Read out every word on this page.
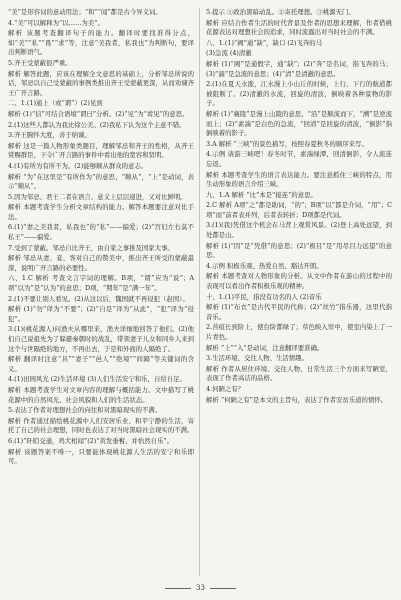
“美”是形容词的意动用法；“和”“闻”都是古今异义词。

4.“美”可以解释为“以……为美”。

解析 该题考查翻译句子的能力。翻译时要找准得分点，如“美”“私”“畏”“求”等，注意“美我者，私我也”为判断句，要译出判断语气。

5.齐王受蒙蔽很严重。

解析 解答此题，应该在理解全文意思的基础上，分析邹忌所说的话，邹忌以自己受蒙蔽的事例类推出齐王受蒙蔽更深，从而劝谏齐王广开言路。

二、1.(1)通上（或“谓”）(2)见到

解析 (1)“信”可结合语境“谓曰”分析。(2)“见”为“看见”的意思。

2.(1)这些人都认为我比徐公美。(2)我私下认为这个主意不错。

3.齐王胸怀大度，善于纳谏。

解析 这是一篇人物形象类题目，理解邹忌和齐王的性格，从齐王赏赐群臣、下令广开言路的事件中看出他的宽容和贤明。

4.(1)有所为有所不为。(2)能够顺从群众的意志。

解析 “为”在这里是“有所作为”的意思，“顺从”，“上”是动词，表示“顺从”。

5.因为邹忌、君王二者在语言、意义上层层递进，又对比鲜明。

解析 本题考查学生分析文章结构的能力。解答本题要注意对比手法。

6.(1)“妻之美我者，私我也”的“私”——偏爱；(2)“宫妇左右莫不私王”——偏爱。

7.受到了蒙蔽。邹忌自比齐王，由自家之事推及国家大事。

解析 邹忌从妻、妾、客对自己的赞美中，推出齐王所受的蒙蔽最深，说明广开言路的必要性。

六、1.C 解析 考查文言字词的理解。B项，“谓”应为“说”；A项“以为”是“认为”的意思；D项，“期年”是“满一年”。

2.(1)不要让别人看见。(2)从这以后，魏国就不再侵犯（赵国）。

解析 (1)“勿”译为“不要”；(2)“自是”译为“从此”，“犯”译为“侵犯”。

3.(1)(桃花源人)问渔夫从哪里来，渔夫详细地回答了他们。(2)他们自己说祖先为了躲避秦朝时的战乱，带领妻子儿女和同乡人来到这个与世隔绝的地方，不再出去，于是和外面的人隔绝了。

解析 翻译时注意“具”“妻子”“邑人”“绝境”“间隔”等关键词的含义。

4.(1)田园风光 (2)生活环境 (3)人们生活安宁和乐，自给自足。

解析 本题考查学生对文章内容的理解与概括能力。文中描写了桃花源中的自然风光、社会风貌和人们的生活状态。

5.表达了作者对理想社会的向往和对黑暗现实的不满。

解析 作者通过描绘桃花源中人们安居乐业、和平宁静的生活，寄托了自己的社会理想，同时也表达了对当时黑暗社会现实的不满。

6.(1)“阡陌交通，鸡犬相闻”(2)“黄发垂髫，并怡然自乐”。

解析 该题答案不唯一，只要能体现桃花源人生活的安宁和乐即可。

5.提示 ①政治黑暗动乱。②寄托理想。③桃源无门。

解析 应结合作者生活的时代背景及作者的思想来理解，作者借桃花源表达对理想社会的追求，同时流露出对当时社会的不满。

八、1.(1)“阙”通“缺”，缺口 (2)飞奔的马

(3)急流 (4)清澈

解析 (1)“阙”是通假字，通“缺”；(2)“奔”是名词，指飞奔的马；(3)“湍”是急流的意思；(4)“清”是清澈的意思。

2.(1)在夏天水涨，江水漫上小山丘的时候，上行、下行的航道都被阻断了。(2)清澈的水流，回旋的清波，倒映着各种景物的影子。

解析 (1)“襄陵”是漫上山陵的意思，“沿”是顺流而下，“溯”是逆流而上；(2)“素湍”是白色的急流，“回清”是回旋的清波，“倒影”指倒映着的影子。

3.A 解析 “三峡”的景色描写，按照春夏秋冬的顺序来写。

4.示例 请游三峡吧！春冬时节，素湍绿潭，回清倒影，令人流连忘返。

解析 本题考查学生的语言表达能力。要注意抓住三峡的特点，用生动形象的语言介绍三峡。

九、1.A 解析 “比”本是“接连”的意思。

2.C 解析 A项“之”都是助词，“的”；B项“以”都是介词，“用”；C项“而”前者表并列，后者表转折；D项都是代词。

3.(1)(我)凭借这个机会在马背上观赏风景。(2)登上高处远望，到处都是山。

解析 (1)“因”是“凭借”的意思；(2)“极目”是“用尽目力远望”的意思。

4.示例 积极乐观、热爱自然、豁达开朗。

解析 本题考查对人物形象的分析。从文中作者在游山的过程中的表现可以看出作者积极乐观的精神。

十、1.(1)平民，指没有功名的人 (2)音乐

解析 (1)“布衣”是古代平民的代称；(2)“丝竹”指乐器，这里代指音乐。

2.苔痕长到阶上，使台阶都绿了；草色映入帘中，使室内染上了一片青色。

解析 “上”“入”是动词，注意翻译要准确。

3.生活环境、交往人物、生活情趣。

解析 作者从居住环境、交往人物、日常生活三个方面来写陋室，表现了作者高洁的品格。

4.何陋之有？

解析 “何陋之有”是本文的主旨句，表达了作者安贫乐道的情怀。

33
